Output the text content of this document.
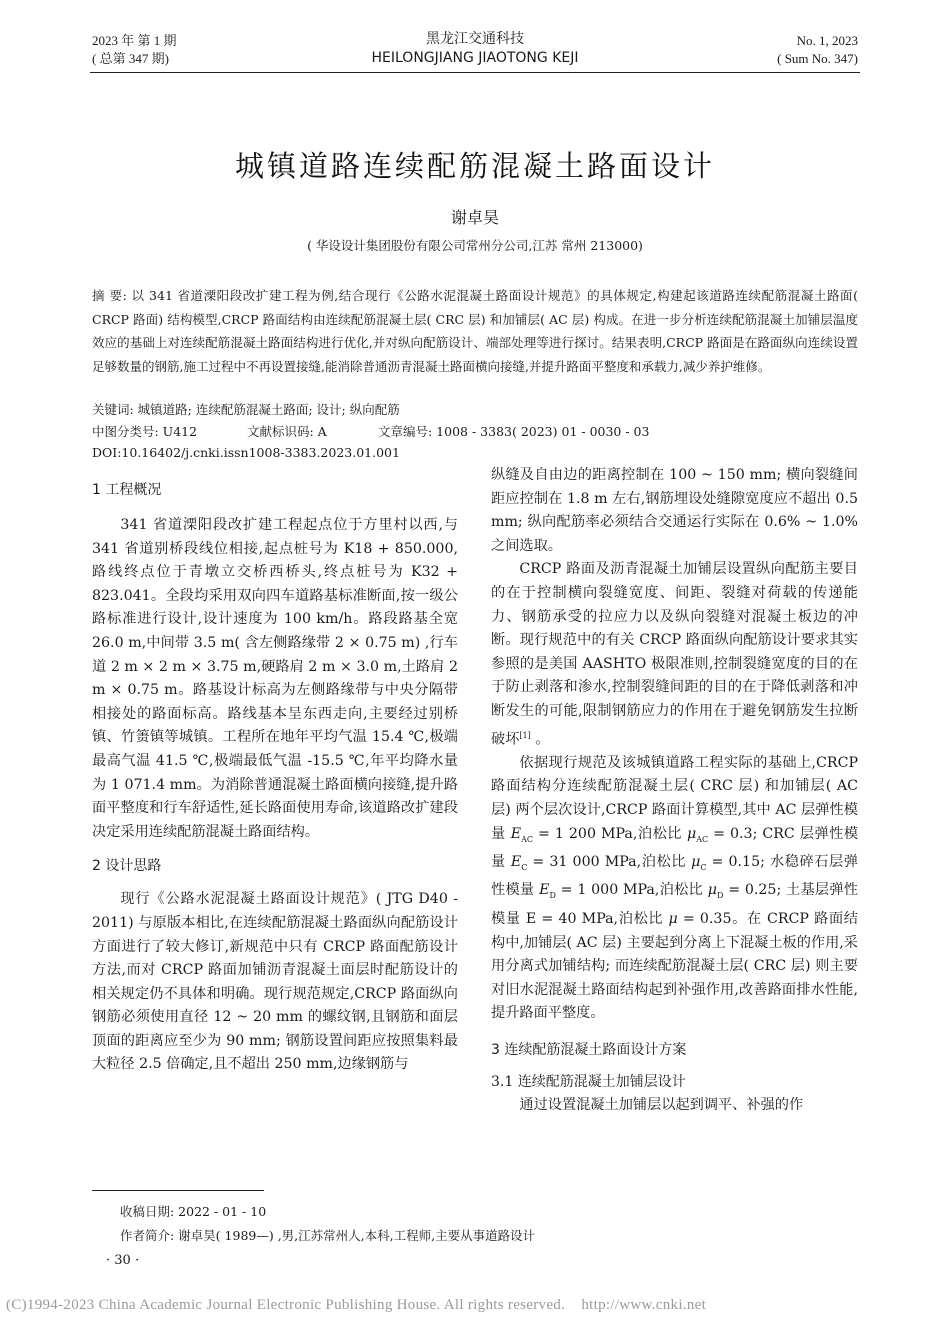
2023 年 第 1 期
( 总第 347 期)
黑龙江交通科技
HEILONGJIANG JIAOTONG KEJI
No. 1, 2023
( Sum No. 347)
城镇道路连续配筋混凝土路面设计
谢卓昊
( 华设设计集团股份有限公司常州分公司,江苏 常州 213000)
摘 要: 以 341 省道溧阳段改扩建工程为例,结合现行《公路水泥混凝土路面设计规范》的具体规定,构建起该道路连续配筋混凝土路面( CRCP 路面) 结构模型,CRCP 路面结构由连续配筋混凝土层( CRC 层) 和加铺层( AC 层) 构成。在进一步分析连续配筋混凝土加铺层温度效应的基础上对连续配筋混凝土路面结构进行优化,并对纵向配筋设计、端部处理等进行探讨。结果表明,CRCP 路面是在路面纵向连续设置足够数量的钢筋,施工过程中不再设置接缝,能消除普通沥青混凝土路面横向接缝,并提升路面平整度和承载力,减少养护维修。
关键词: 城镇道路; 连续配筋混凝土路面; 设计; 纵向配筋
中图分类号: U412	文献标识码: A	文章编号: 1008 - 3383( 2023) 01 - 0030 - 03
DOI:10.16402/j.cnki.issn1008-3383.2023.01.001
1 工程概况

341 省道溧阳段改扩建工程起点位于方里村以西,与 341 省道别桥段线位相接,起点桩号为 K18 + 850.000,路线终点位于青墩立交桥西桥头,终点桩号为 K32 + 823.041。全段均采用双向四车道路基标准断面,按一级公路标准进行设计,设计速度为 100 km/h。路段路基全宽 26.0 m,中间带 3.5 m( 含左侧路缘带 2 × 0.75 m) ,行车道 2 m × 2 m × 3.75 m,硬路肩 2 m × 3.0 m,土路肩 2 m × 0.75 m。路基设计标高为左侧路缘带与中央分隔带相接处的路面标高。路线基本呈东西走向,主要经过别桥镇、竹箦镇等城镇。工程所在地年平均气温 15.4 ℃,极端最高气温 41.5 ℃,极端最低气温 -15.5 ℃,年平均降水量为 1 071.4 mm。为消除普通混凝土路面横向接缝,提升路面平整度和行车舒适性,延长路面使用寿命,该道路改扩建段决定采用连续配筋混凝土路面结构。

2 设计思路

现行《公路水泥混凝土路面设计规范》( JTG D40 - 2011) 与原版本相比,在连续配筋混凝土路面纵向配筋设计方面进行了较大修订,新规范中只有 CRCP 路面配筋设计方法,而对 CRCP 路面加铺沥青混凝土面层时配筋设计的相关规定仍不具体和明确。现行规范规定,CRCP 路面纵向钢筋必须使用直径 12 ~ 20 mm 的螺纹钢,且钢筋和面层顶面的距离应至少为 90 mm; 钢筋设置间距应按照集料最大粒径 2.5 倍确定,且不超出 250 mm,边缘钢筋与

纵缝及自由边的距离控制在 100 ~ 150 mm; 横向裂缝间距应控制在 1.8 m 左右,钢筋埋设处缝隙宽度应不超出 0.5 mm; 纵向配筋率必须结合交通运行实际在 0.6% ~ 1.0% 之间选取。

CRCP 路面及沥青混凝土加铺层设置纵向配筋主要目的在于控制横向裂缝宽度、间距、裂缝对荷载的传递能力、钢筋承受的拉应力以及纵向裂缝对混凝土板边的冲断。现行规范中的有关 CRCP 路面纵向配筋设计要求其实参照的是美国 AASHTO 极限准则,控制裂缝宽度的目的在于防止剥落和渗水,控制裂缝间距的目的在于降低剥落和冲断发生的可能,限制钢筋应力的作用在于避免钢筋发生拉断破坏[1] 。

依据现行规范及该城镇道路工程实际的基础上,CRCP 路面结构分连续配筋混凝土层( CRC 层) 和加铺层( AC 层) 两个层次设计,CRCP 路面计算模型,其中 AC 层弹性模量 $E_{AC} = 1$ 200 MPa,泊松比 $\mu_{AC} = 0.3$; CRC 层弹性模量 $E_C = 31$ 000 MPa,泊松比 $\mu_C = 0.15$; 水稳碎石层弹性模量 $E_D = 1$ 000 MPa,泊松比 $\mu_D = 0.25$; 土基层弹性模量 E = 40 MPa,泊松比 μ = 0.35。在 CRCP 路面结构中,加铺层( AC 层) 主要起到分离上下混凝土板的作用,采用分离式加铺结构; 而连续配筋混凝土层( CRC 层) 则主要对旧水泥混凝土路面结构起到补强作用,改善路面排水性能,提升路面平整度。

3 连续配筋混凝土路面设计方案
3.1 连续配筋混凝土加铺层设计

通过设置混凝土加铺层以起到调平、补强的作

收稿日期: 2022 - 01 - 10
作者简介: 谢卓昊( 1989—) ,男,江苏常州人,本科,工程师,主要从事道路设计
· 30 ·
(C)1994-2023 China Academic Journal Electronic Publishing House. All rights reserved.    http://www.cnki.net
